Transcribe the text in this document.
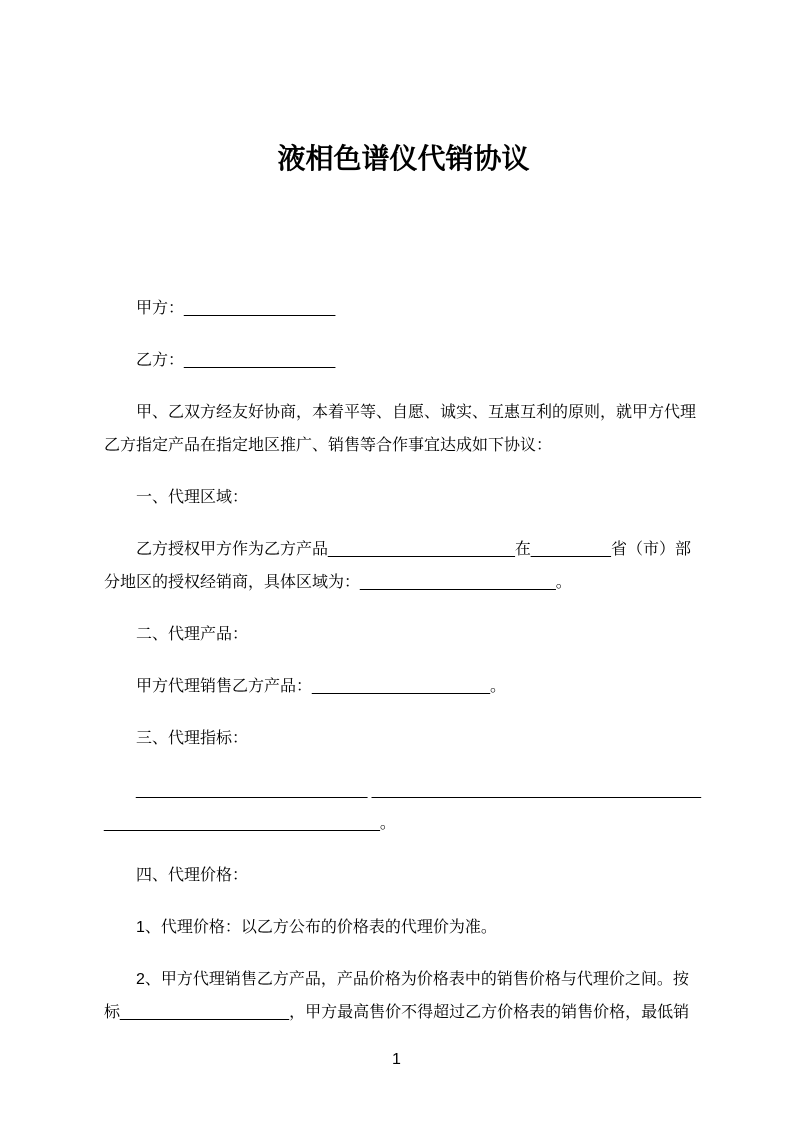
液相色谱仪代销协议

甲方：_________________

乙方：_________________

甲、乙双方经友好协商，本着平等、自愿、诚实、互惠互利的原则，就甲方代理乙方指定产品在指定地区推广、销售等合作事宜达成如下协议：

一、代理区域：

乙方授权甲方作为乙方产品_____________________在_________省（市）部分地区的授权经销商，具体区域为：______________________。

二、代理产品：

甲方代理销售乙方产品：____________________。

三、代理指标：

__________________________ _____________________________________ _______________________________。

四、代理价格：

1、代理价格：以乙方公布的价格表的代理价为准。

2、甲方代理销售乙方产品，产品价格为价格表中的销售价格与代理价之间。按标___________________，甲方最高售价不得超过乙方价格表的销售价格，最低销

1
